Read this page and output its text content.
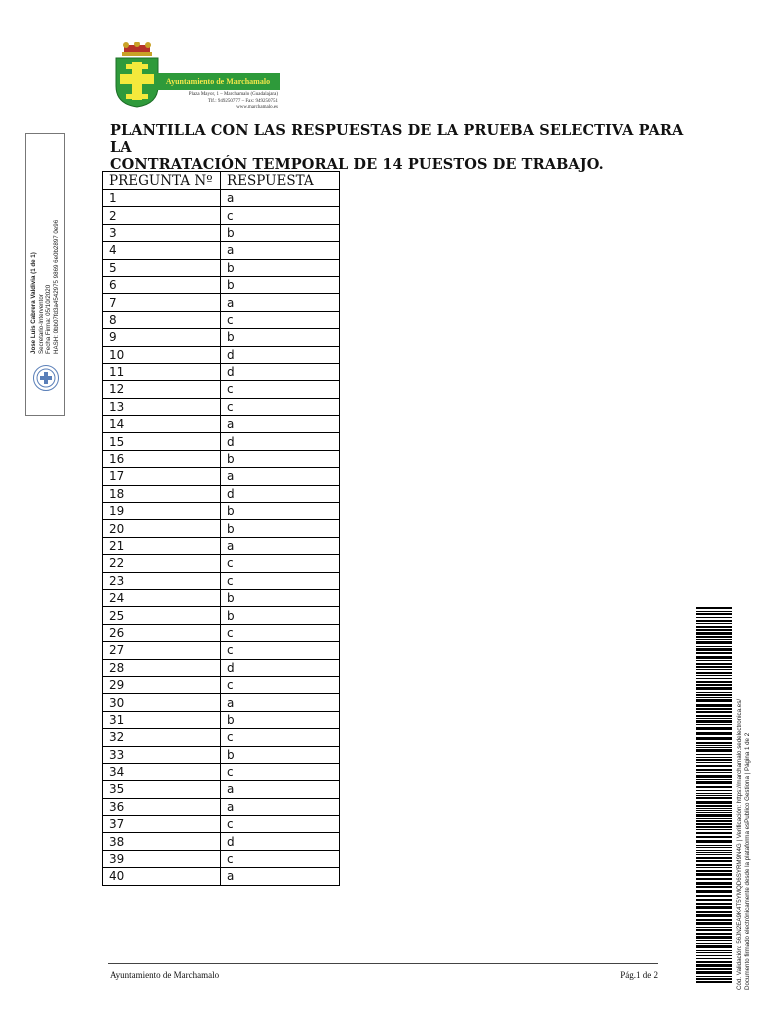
Ayuntamiento de Marchamalo
Plaza Mayor, 1 – Marchamalo (Guadalajara)
Tlf.: 949250777 – Fax: 949250751
www.marchamalo.es
PLANTILLA CON LAS RESPUESTAS DE LA PRUEBA SELECTIVA PARA LA
CONTRATACIÓN TEMPORAL DE 14 PUESTOS DE TRABAJO.
PREGUNTA Nº	RESPUESTA
1	a
2	c
3	b
4	a
5	b
6	b
7	a
8	c
9	b
10	d
11	d
12	c
13	c
14	a
15	d
16	b
17	a
18	d
19	b
20	b
21	a
22	c
23	c
24	b
25	b
26	c
27	c
28	d
29	c
30	a
31	b
32	c
33	b
34	c
35	a
36	a
37	c
38	d
39	c
40	a
Jose Luis Cabrera Valdivia (1 de 1) Secretario-Interventor Fecha Firma: 05/10/2020 HASH: 0bb07fd3a4542975 9869 6e0b2897 0e96
Cód. Validación: 56JN2EA9K4T5YMQD6SYRM9N4G | Verificación: https://marchamalo.sedelectronica.es/ Documento firmado electrónicamente desde la plataforma esPublico Gestiona | Página 1 de 2
Ayuntamiento de Marchamalo	Pág.1 de 2
